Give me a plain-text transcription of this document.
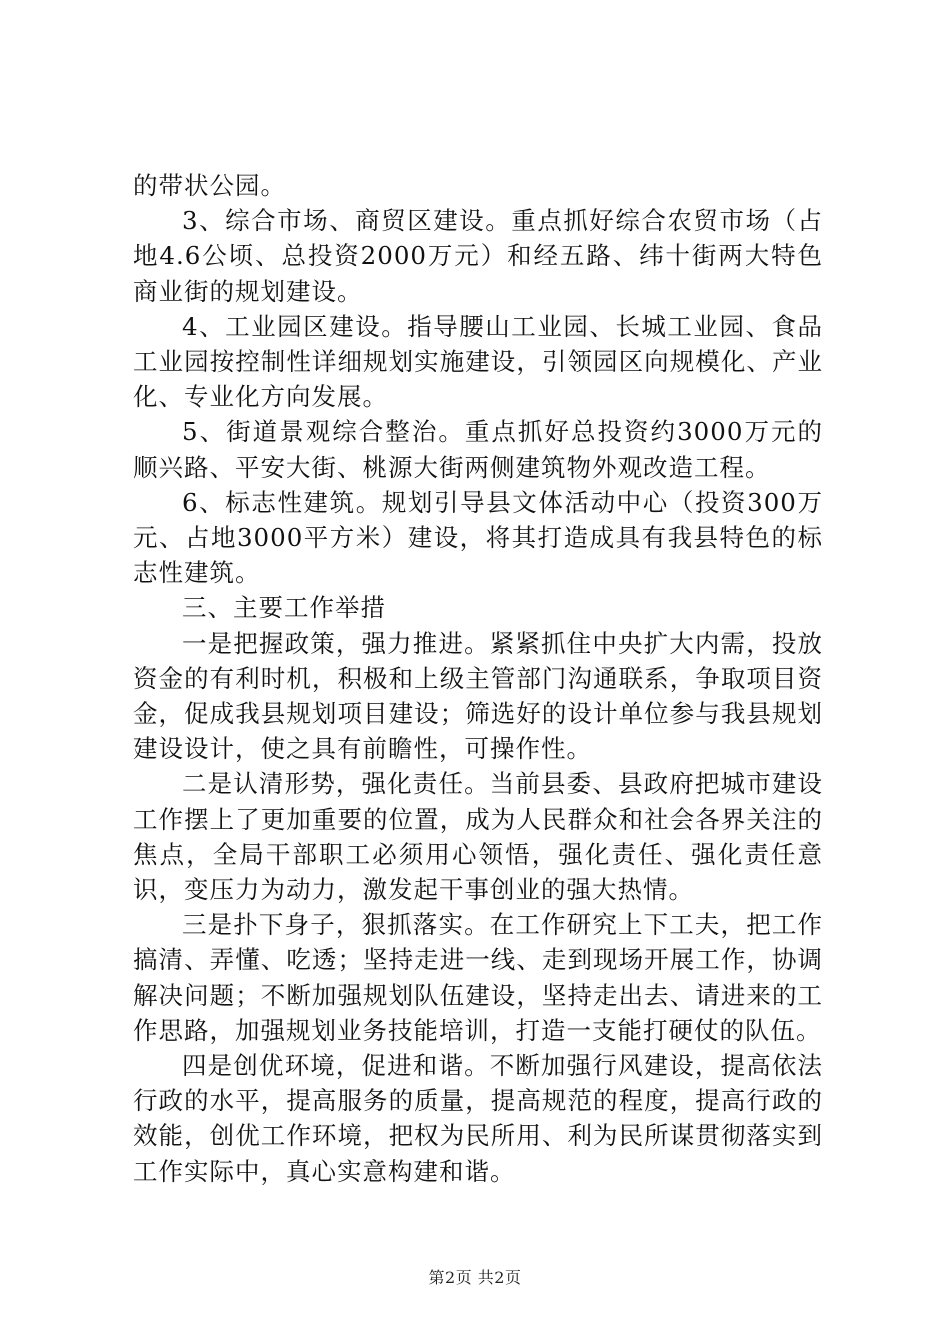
的带状公园。

3、综合市场、商贸区建设。重点抓好综合农贸市场（占地4.6公顷、总投资2000万元）和经五路、纬十街两大特色商业街的规划建设。

4、工业园区建设。指导腰山工业园、长城工业园、食品工业园按控制性详细规划实施建设，引领园区向规模化、产业化、专业化方向发展。

5、街道景观综合整治。重点抓好总投资约3000万元的顺兴路、平安大街、桃源大街两侧建筑物外观改造工程。

6、标志性建筑。规划引导县文体活动中心（投资300万元、占地3000平方米）建设，将其打造成具有我县特色的标志性建筑。

三、主要工作举措

一是把握政策，强力推进。紧紧抓住中央扩大内需，投放资金的有利时机，积极和上级主管部门沟通联系，争取项目资金，促成我县规划项目建设；筛选好的设计单位参与我县规划建设设计，使之具有前瞻性，可操作性。

二是认清形势，强化责任。当前县委、县政府把城市建设工作摆上了更加重要的位置，成为人民群众和社会各界关注的焦点，全局干部职工必须用心领悟，强化责任、强化责任意识，变压力为动力，激发起干事创业的强大热情。

三是扑下身子，狠抓落实。在工作研究上下工夫，把工作搞清、弄懂、吃透；坚持走进一线、走到现场开展工作，协调解决问题；不断加强规划队伍建设，坚持走出去、请进来的工作思路，加强规划业务技能培训，打造一支能打硬仗的队伍。

四是创优环境，促进和谐。不断加强行风建设，提高依法行政的水平，提高服务的质量，提高规范的程度，提高行政的效能，创优工作环境，把权为民所用、利为民所谋贯彻落实到工作实际中，真心实意构建和谐。

第2页 共2页
